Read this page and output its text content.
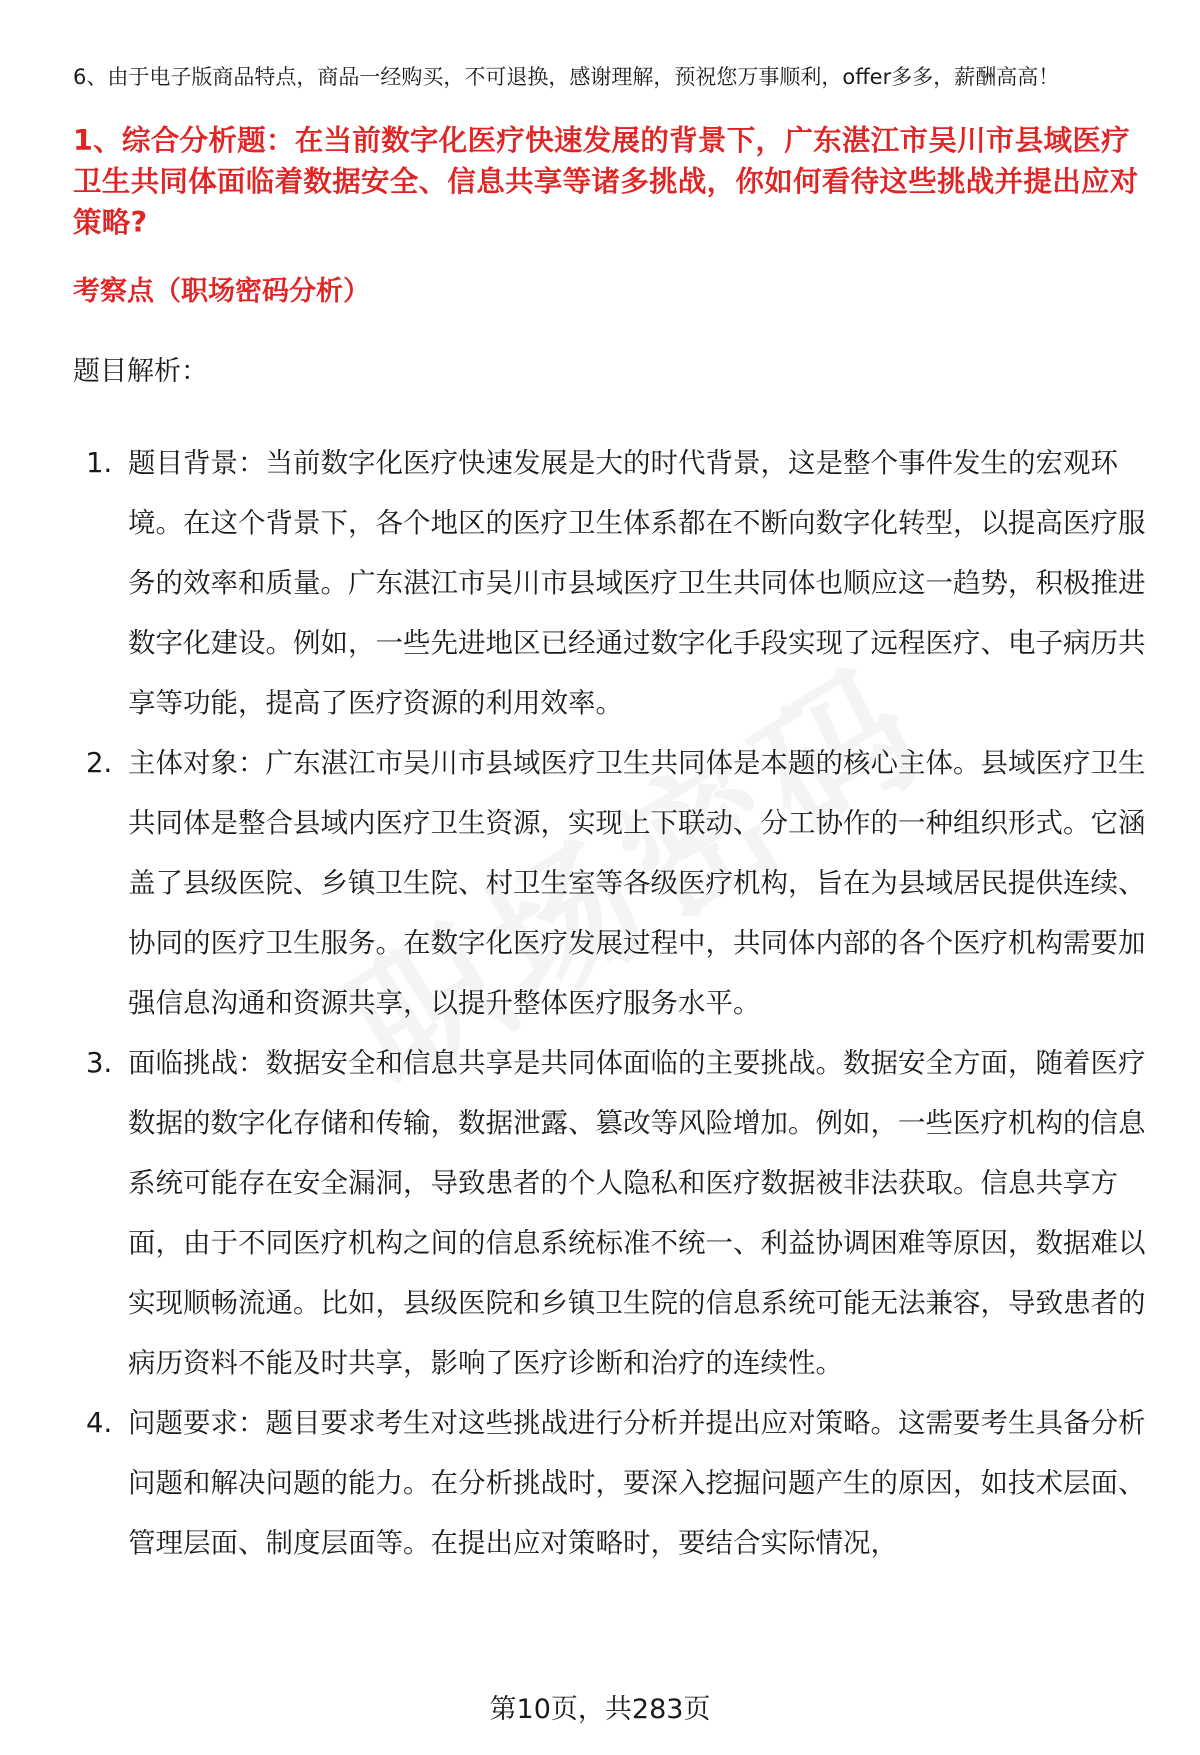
6、由于电子版商品特点，商品一经购买，不可退换，感谢理解，预祝您万事顺利，offer多多，薪酬高高！
1、综合分析题：在当前数字化医疗快速发展的背景下，广东湛江市吴川市县域医疗卫生共同体面临着数据安全、信息共享等诸多挑战，你如何看待这些挑战并提出应对策略?
考察点（职场密码分析）
题目解析：
1. 题目背景：当前数字化医疗快速发展是大的时代背景，这是整个事件发生的宏观环境。在这个背景下，各个地区的医疗卫生体系都在不断向数字化转型，以提高医疗服务的效率和质量。广东湛江市吴川市县域医疗卫生共同体也顺应这一趋势，积极推进数字化建设。例如，一些先进地区已经通过数字化手段实现了远程医疗、电子病历共享等功能，提高了医疗资源的利用效率。
2. 主体对象：广东湛江市吴川市县域医疗卫生共同体是本题的核心主体。县域医疗卫生共同体是整合县域内医疗卫生资源，实现上下联动、分工协作的一种组织形式。它涵盖了县级医院、乡镇卫生院、村卫生室等各级医疗机构，旨在为县域居民提供连续、协同的医疗卫生服务。在数字化医疗发展过程中，共同体内部的各个医疗机构需要加强信息沟通和资源共享，以提升整体医疗服务水平。
3. 面临挑战：数据安全和信息共享是共同体面临的主要挑战。数据安全方面，随着医疗数据的数字化存储和传输，数据泄露、篡改等风险增加。例如，一些医疗机构的信息系统可能存在安全漏洞，导致患者的个人隐私和医疗数据被非法获取。信息共享方面，由于不同医疗机构之间的信息系统标准不统一、利益协调困难等原因，数据难以实现顺畅流通。比如，县级医院和乡镇卫生院的信息系统可能无法兼容，导致患者的病历资料不能及时共享，影响了医疗诊断和治疗的连续性。
4. 问题要求：题目要求考生对这些挑战进行分析并提出应对策略。这需要考生具备分析问题和解决问题的能力。在分析挑战时，要深入挖掘问题产生的原因，如技术层面、管理层面、制度层面等。在提出应对策略时，要结合实际情况，
第10页，共283页
